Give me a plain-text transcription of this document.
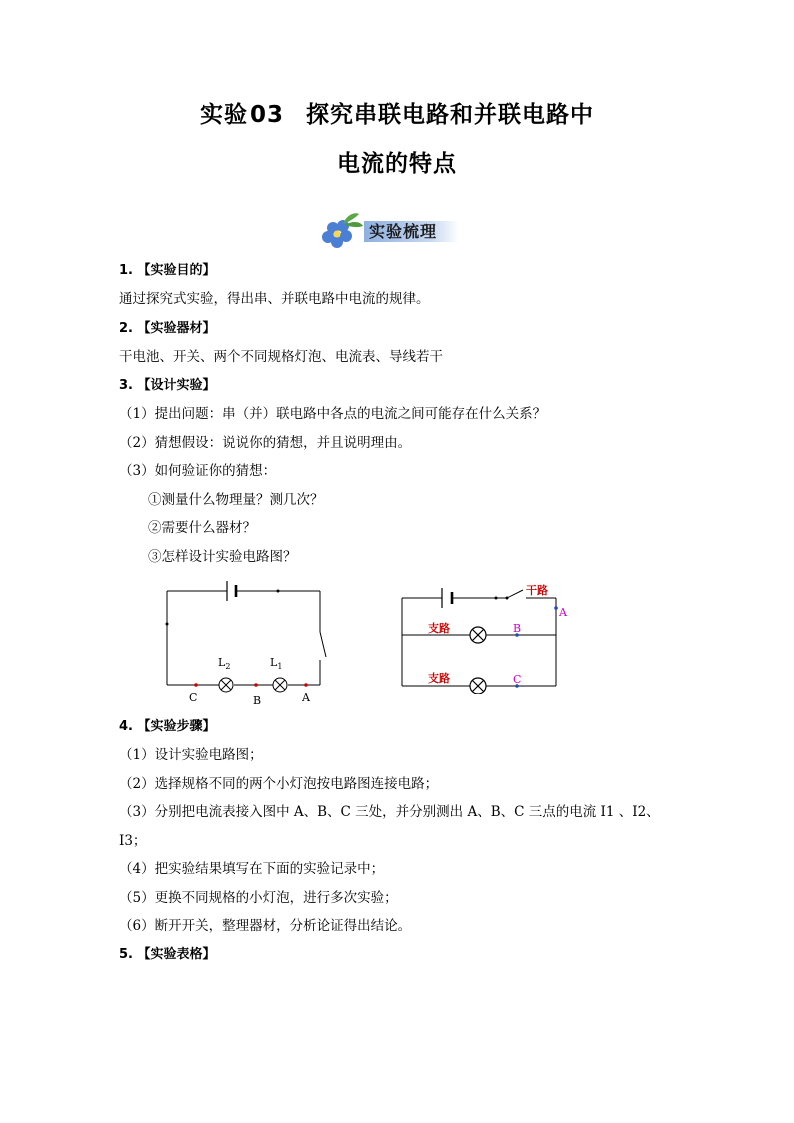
实验03 探究串联电路和并联电路中
电流的特点
实验梳理
1. 【实验目的】
通过探究式实验，得出串、并联电路中电流的规律。
2. 【实验器材】
干电池、开关、两个不同规格灯泡、电流表、导线若干
3. 【设计实验】
（1）提出问题：串（并）联电路中各点的电流之间可能存在什么关系？
（2）猜想假设：说说你的猜想，并且说明理由。
（3）如何验证你的猜想：
①测量什么物理量？测几次？
②需要什么器材？
③怎样设计实验电路图？
$L_2$	$L_1$
C	B	A
干路
支路
支路
A
B
C
4. 【实验步骤】
（1）设计实验电路图；
（2）选择规格不同的两个小灯泡按电路图连接电路；
（3）分别把电流表接入图中 A、B、C 三处，并分别测出 A、B、C 三点的电流 I1 、I2、
I3；
（4）把实验结果填写在下面的实验记录中；
（5）更换不同规格的小灯泡，进行多次实验；
（6）断开开关，整理器材，分析论证得出结论。
5. 【实验表格】
